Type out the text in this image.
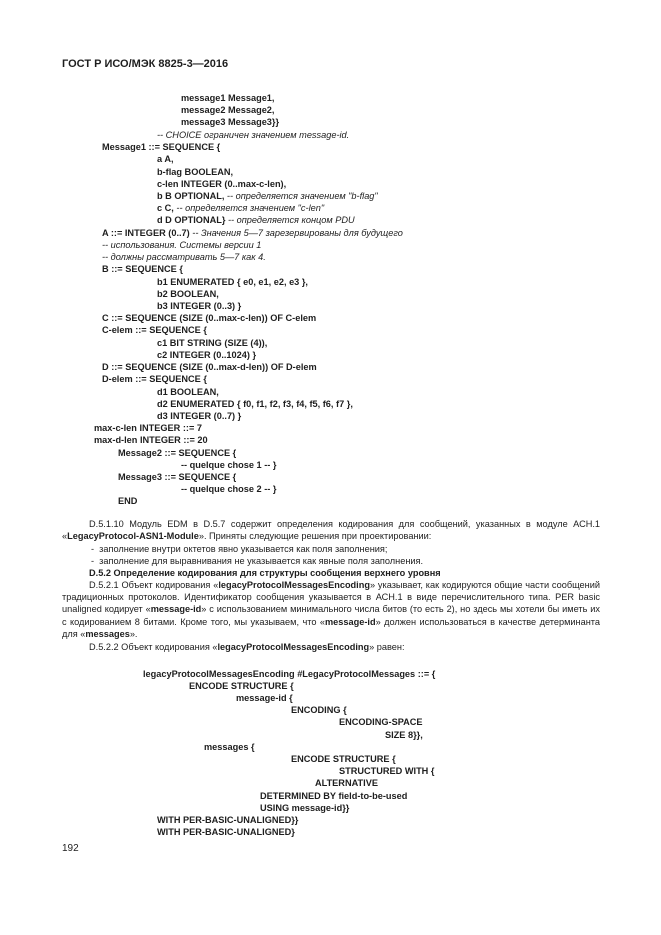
ГОСТ Р ИСО/МЭК 8825-3—2016
message1 Message1,
message2 Message2,
message3 Message3}}
-- CHOICE ограничен значением message-id.
Message1 ::= SEQUENCE {
a A,
b-flag BOOLEAN,
c-len INTEGER (0..max-c-len),
b B OPTIONAL, -- определяется значением "b-flag"
c C, -- определяется значением "c-len"
d D OPTIONAL} -- определяется концом PDU
A ::= INTEGER (0..7) -- Значения 5—7 зарезервированы для будущего
-- использования. Системы версии 1
-- должны рассматривать 5—7 как 4.
B ::= SEQUENCE {
b1 ENUMERATED { e0, e1, e2, e3 },
b2 BOOLEAN,
b3 INTEGER (0..3) }
C ::= SEQUENCE (SIZE (0..max-c-len)) OF C-elem
C-elem ::= SEQUENCE {
c1 BIT STRING (SIZE (4)),
c2 INTEGER (0..1024) }
D ::= SEQUENCE (SIZE (0..max-d-len)) OF D-elem
D-elem ::= SEQUENCE {
d1 BOOLEAN,
d2 ENUMERATED { f0, f1, f2, f3, f4, f5, f6, f7 },
d3 INTEGER (0..7) }
max-c-len INTEGER ::= 7
max-d-len INTEGER ::= 20
Message2 ::= SEQUENCE {
-- quelque chose 1 -- }
Message3 ::= SEQUENCE {
-- quelque chose 2 -- }
END
D.5.1.10 Модуль EDM в D.5.7 содержит определения кодирования для сообщений, указанных в модуле АСН.1 «LegacyProtocol-ASN1-Module». Приняты следующие решения при проектировании:
-  заполнение внутри октетов явно указывается как поля заполнения;
-  заполнение для выравнивания не указывается как явные поля заполнения.
D.5.2 Определение кодирования для структуры сообщения верхнего уровня
D.5.2.1 Объект кодирования «legacyProtocolMessagesEncoding» указывает, как кодируются общие части сообщений традиционных протоколов. Идентификатор сообщения указывается в АСН.1 в виде перечислительного типа. PER basic unaligned кодирует «message-id» с использованием минимального числа битов (то есть 2), но здесь мы хотели бы иметь их с кодированием 8 битами. Кроме того, мы указываем, что «message-id» должен использоваться в качестве детерминанта для «messages».
D.5.2.2 Объект кодирования «legacyProtocolMessagesEncoding» равен:
legacyProtocolMessagesEncoding #LegacyProtocolMessages ::= {
ENCODE STRUCTURE {
message-id {
ENCODING {
ENCODING-SPACE
SIZE 8}},
messages {
ENCODE STRUCTURE {
STRUCTURED WITH {
ALTERNATIVE
DETERMINED BY field-to-be-used
USING message-id}}
WITH PER-BASIC-UNALIGNED}}
WITH PER-BASIC-UNALIGNED}
192
